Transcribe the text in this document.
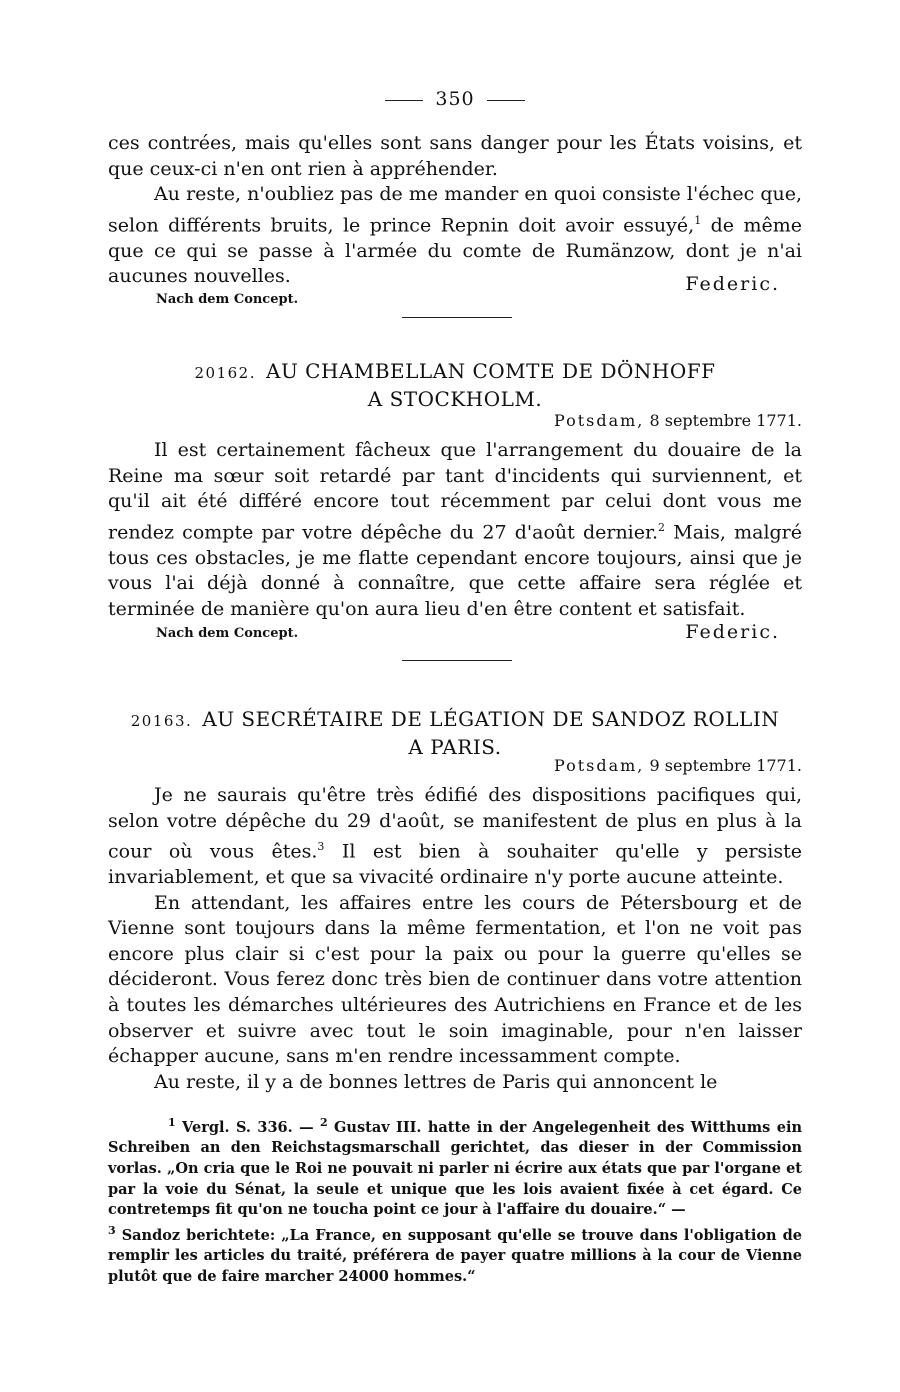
350

ces contrées, mais qu'elles sont sans danger pour les États voisins, et que ceux-ci n'en ont rien à appréhender.

Au reste, n'oubliez pas de me mander en quoi consiste l'échec que, selon différents bruits, le prince Repnin doit avoir essuyé,$^1$ de même que ce qui se passe à l'armée du comte de Rumänzow, dont je n'ai aucunes nouvelles.	Federic.
Nach dem Concept.
20162. AU CHAMBELLAN COMTE DE DÖNHOFF
A STOCKHOLM.
Potsdam, 8 septembre 1771.

Il est certainement fâcheux que l'arrangement du douaire de la Reine ma sœur soit retardé par tant d'incidents qui surviennent, et qu'il ait été différé encore tout récemment par celui dont vous me rendez compte par votre dépêche du 27 d'août dernier.$^2$ Mais, malgré tous ces obstacles, je me flatte cependant encore toujours, ainsi que je vous l'ai déjà donné à connaître, que cette affaire sera réglée et terminée de manière qu'on aura lieu d'en être content et satisfait.

Nach dem Concept.	Federic.
20163. AU SECRÉTAIRE DE LÉGATION DE SANDOZ ROLLIN
A PARIS.
Potsdam, 9 septembre 1771.

Je ne saurais qu'être très édifié des dispositions pacifiques qui, selon votre dépêche du 29 d'août, se manifestent de plus en plus à la cour où vous êtes.$^3$ Il est bien à souhaiter qu'elle y persiste invariablement, et que sa vivacité ordinaire n'y porte aucune atteinte.

En attendant, les affaires entre les cours de Pétersbourg et de Vienne sont toujours dans la même fermentation, et l'on ne voit pas encore plus clair si c'est pour la paix ou pour la guerre qu'elles se décideront. Vous ferez donc très bien de continuer dans votre attention à toutes les démarches ultérieures des Autrichiens en France et de les observer et suivre avec tout le soin imaginable, pour n'en laisser échapper aucune, sans m'en rendre incessamment compte.

Au reste, il y a de bonnes lettres de Paris qui annoncent le

$^1$ Vergl. S. 336. — $^2$ Gustav III. hatte in der Angelegenheit des Witthums ein Schreiben an den Reichstagsmarschall gerichtet, das dieser in der Commission vorlas. „On cria que le Roi ne pouvait ni parler ni écrire aux états que par l'organe et par la voie du Sénat, la seule et unique que les lois avaient fixée à cet égard. Ce contretemps fit qu'on ne toucha point ce jour à l'affaire du douaire.“ —

$^3$ Sandoz berichtete: „La France, en supposant qu'elle se trouve dans l'obligation de remplir les articles du traité, préférera de payer quatre millions à la cour de Vienne plutôt que de faire marcher 24000 hommes.“
